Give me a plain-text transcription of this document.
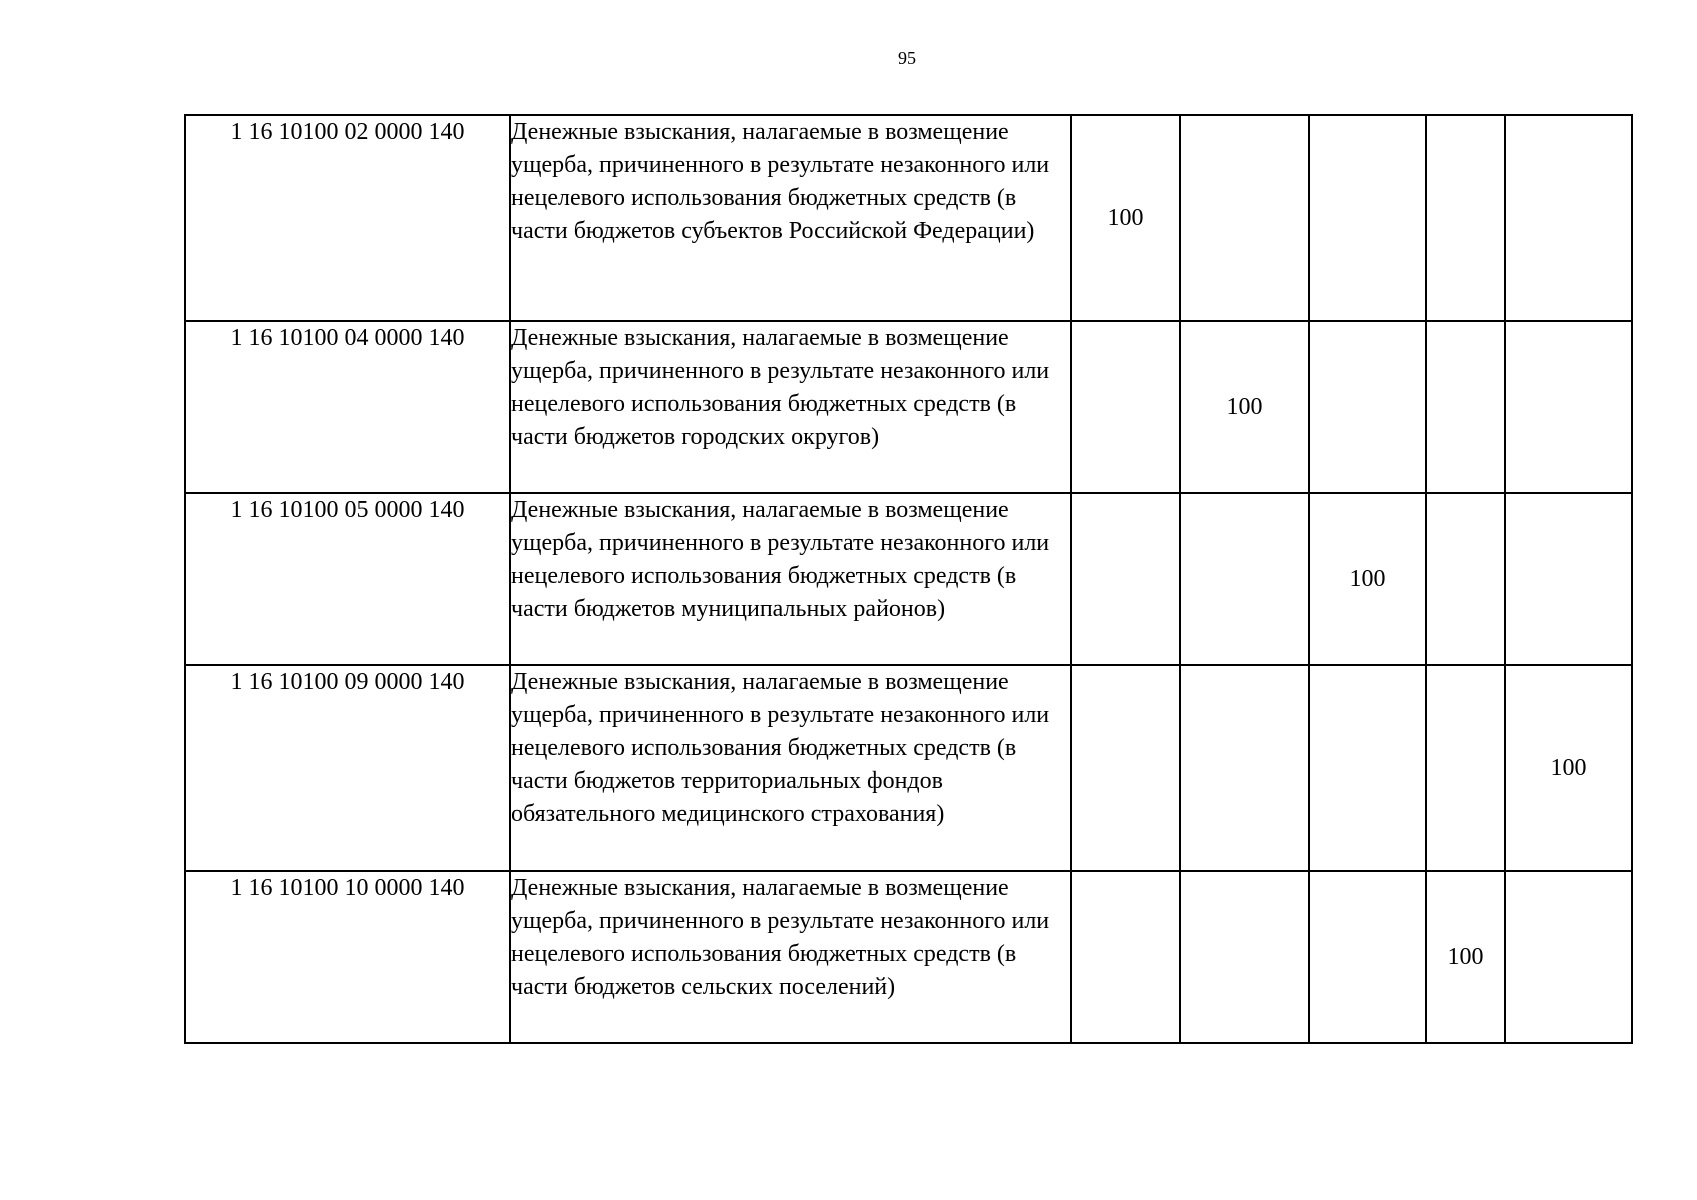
95
1 16 10100 02 0000 140	Денежные взыскания, налагаемые в возмещение ущерба, причиненного в результате незаконного или нецелевого использования бюджетных средств (в части бюджетов субъектов Российской Федерации)	100				
1 16 10100 04 0000 140	Денежные взыскания, налагаемые в возмещение ущерба, причиненного в результате незаконного или нецелевого использования бюджетных средств (в части бюджетов городских округов)		100			
1 16 10100 05 0000 140	Денежные взыскания, налагаемые в возмещение ущерба, причиненного в результате незаконного или нецелевого использования бюджетных средств (в части бюджетов муниципальных районов)			100		
1 16 10100 09 0000 140	Денежные взыскания, налагаемые в возмещение ущерба, причиненного в результате незаконного или нецелевого использования бюджетных средств (в части бюджетов территориальных фондов обязательного медицинского страхования)					100
1 16 10100 10 0000 140	Денежные взыскания, налагаемые в возмещение ущерба, причиненного в результате незаконного или нецелевого использования бюджетных средств (в части бюджетов сельских поселений)				100	
